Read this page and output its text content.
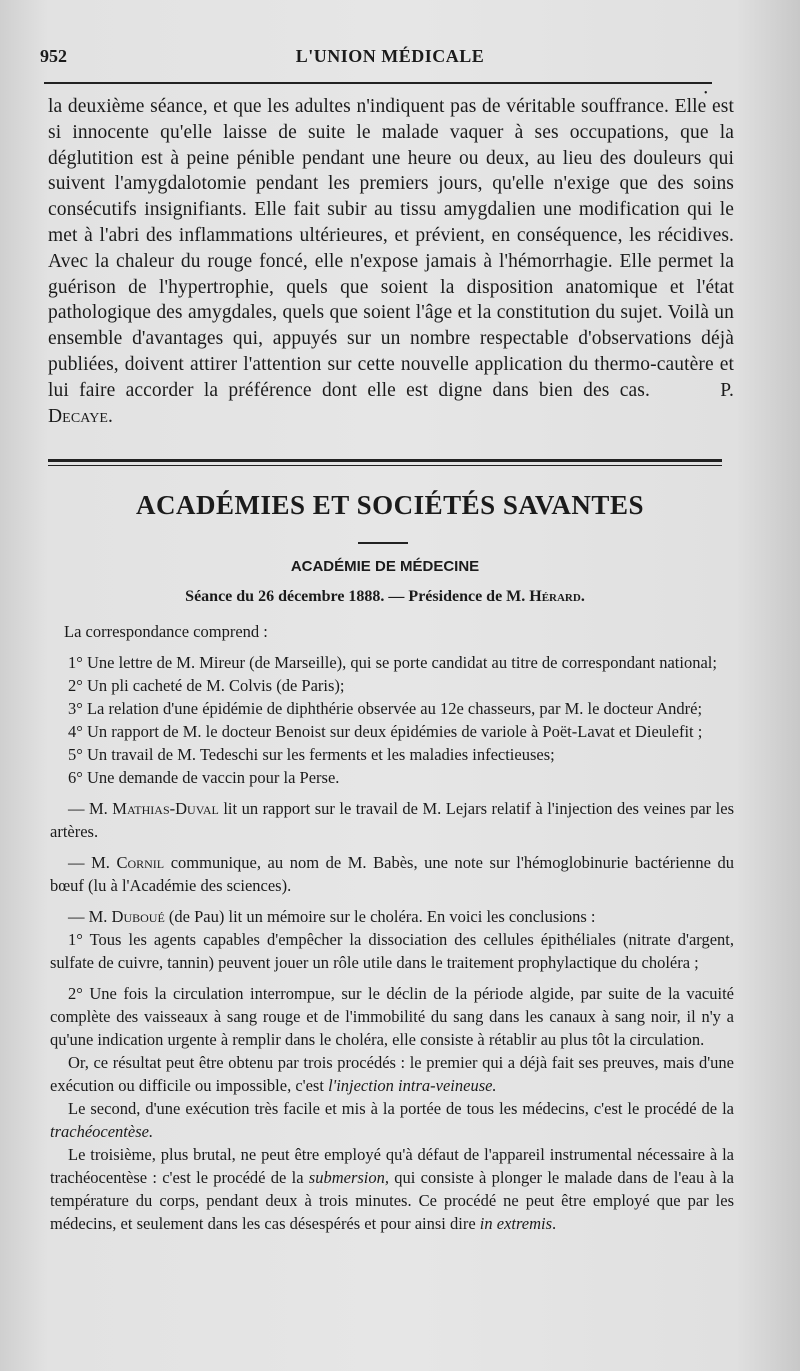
952	L'UNION MÉDICALE
•
la deuxième séance, et que les adultes n'indiquent pas de véritable souffrance. Elle est si innocente qu'elle laisse de suite le malade vaquer à ses occupations, que la déglutition est à peine pénible pendant une heure ou deux, au lieu des douleurs qui suivent l'amygdalotomie pendant les premiers jours, qu'elle n'exige que des soins consécutifs insignifiants. Elle fait subir au tissu amygdalien une modification qui le met à l'abri des inflammations ultérieures, et prévient, en conséquence, les récidives. Avec la chaleur du rouge foncé, elle n'expose jamais à l'hémorrhagie. Elle permet la guérison de l'hypertrophie, quels que soient la disposition anatomique et l'état pathologique des amygdales, quels que soient l'âge et la constitution du sujet. Voilà un ensemble d'avantages qui, appuyés sur un nombre respectable d'observations déjà publiées, doivent attirer l'attention sur cette nouvelle application du thermo-cautère et lui faire accorder la préférence dont elle est digne dans bien des cas.	P. Decaye.
ACADÉMIES ET SOCIÉTÉS SAVANTES
ACADÉMIE DE MÉDECINE
Séance du 26 décembre 1888. — Présidence de M. Hérard.

La correspondance comprend :

1° Une lettre de M. Mireur (de Marseille), qui se porte candidat au titre de correspondant national;

2° Un pli cacheté de M. Colvis (de Paris);

3° La relation d'une épidémie de diphthérie observée au 12e chasseurs, par M. le docteur André;

4° Un rapport de M. le docteur Benoist sur deux épidémies de variole à Poët-Lavat et Dieulefit ;

5° Un travail de M. Tedeschi sur les ferments et les maladies infectieuses;

6° Une demande de vaccin pour la Perse.

— M. Mathias-Duval lit un rapport sur le travail de M. Lejars relatif à l'injection des veines par les artères.

— M. Cornil communique, au nom de M. Babès, une note sur l'hémoglobinurie bactérienne du bœuf (lu à l'Académie des sciences).

— M. Duboué (de Pau) lit un mémoire sur le choléra. En voici les conclusions :

1° Tous les agents capables d'empêcher la dissociation des cellules épithéliales (nitrate d'argent, sulfate de cuivre, tannin) peuvent jouer un rôle utile dans le traitement prophylactique du choléra ;

2° Une fois la circulation interrompue, sur le déclin de la période algide, par suite de la vacuité complète des vaisseaux à sang rouge et de l'immobilité du sang dans les canaux à sang noir, il n'y a qu'une indication urgente à remplir dans le choléra, elle consiste à rétablir au plus tôt la circulation.

Or, ce résultat peut être obtenu par trois procédés : le premier qui a déjà fait ses preuves, mais d'une exécution ou difficile ou impossible, c'est l'injection intra-veineuse.

Le second, d'une exécution très facile et mis à la portée de tous les médecins, c'est le procédé de la trachéocentèse.

Le troisième, plus brutal, ne peut être employé qu'à défaut de l'appareil instrumental nécessaire à la trachéocentèse : c'est le procédé de la submersion, qui consiste à plonger le malade dans de l'eau à la température du corps, pendant deux à trois minutes. Ce procédé ne peut être employé que par les médecins, et seulement dans les cas désespérés et pour ainsi dire in extremis.
